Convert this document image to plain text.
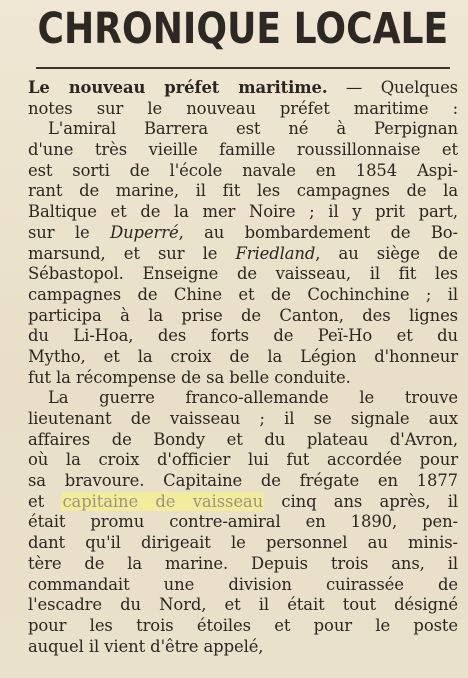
CHRONIQUE LOCALE
Le nouveau préfet maritime. — Quelques
notes sur le nouveau préfet maritime :
L'amiral Barrera est né à Perpignan
d'une très vieille famille roussillonnaise et
est sorti de l'école navale en 1854 Aspi-
rant de marine, il fit les campagnes de la
Baltique et de la mer Noire ; il y prit part,
sur le Duperré, au bombardement de Bo-
marsund, et sur le Friedland, au siège de
Sébastopol. Enseigne de vaisseau, il fit les
campagnes de Chine et de Cochinchine ; il
participa à la prise de Canton, des lignes
du Li-Hoa, des forts de Peï-Ho et du
Mytho, et la croix de la Légion d'honneur
fut la récompense de sa belle conduite.
La guerre franco-allemande le trouve
lieutenant de vaisseau ; il se signale aux
affaires de Bondy et du plateau d'Avron,
où la croix d'officier lui fut accordée pour
sa bravoure. Capitaine de frégate en 1877
et capitaine de vaisseau cinq ans après, il
était promu contre-amiral en 1890, pen-
dant qu'il dirigeait le personnel au minis-
tère de la marine. Depuis trois ans, il
commandait une division cuirassée de
l'escadre du Nord, et il était tout désigné
pour les trois étoiles et pour le poste
auquel il vient d'être appelé,
